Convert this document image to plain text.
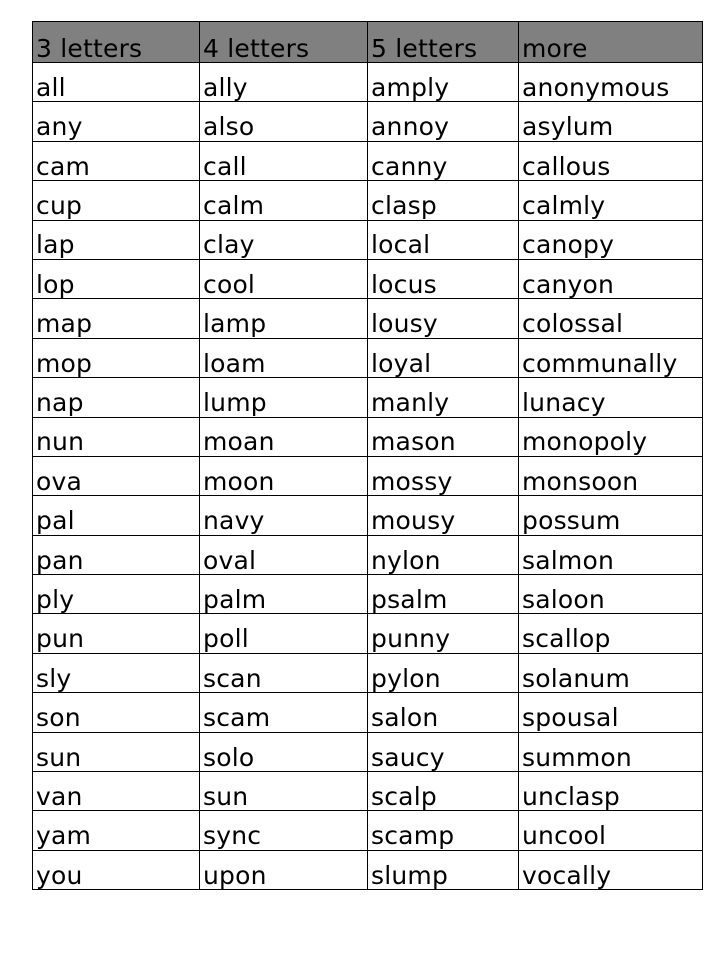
3 letters	4 letters	5 letters	more
all	ally	amply	anonymous
any	also	annoy	asylum
cam	call	canny	callous
cup	calm	clasp	calmly
lap	clay	local	canopy
lop	cool	locus	canyon
map	lamp	lousy	colossal
mop	loam	loyal	communally
nap	lump	manly	lunacy
nun	moan	mason	monopoly
ova	moon	mossy	monsoon
pal	navy	mousy	possum
pan	oval	nylon	salmon
ply	palm	psalm	saloon
pun	poll	punny	scallop
sly	scan	pylon	solanum
son	scam	salon	spousal
sun	solo	saucy	summon
van	sun	scalp	unclasp
yam	sync	scamp	uncool
you	upon	slump	vocally
